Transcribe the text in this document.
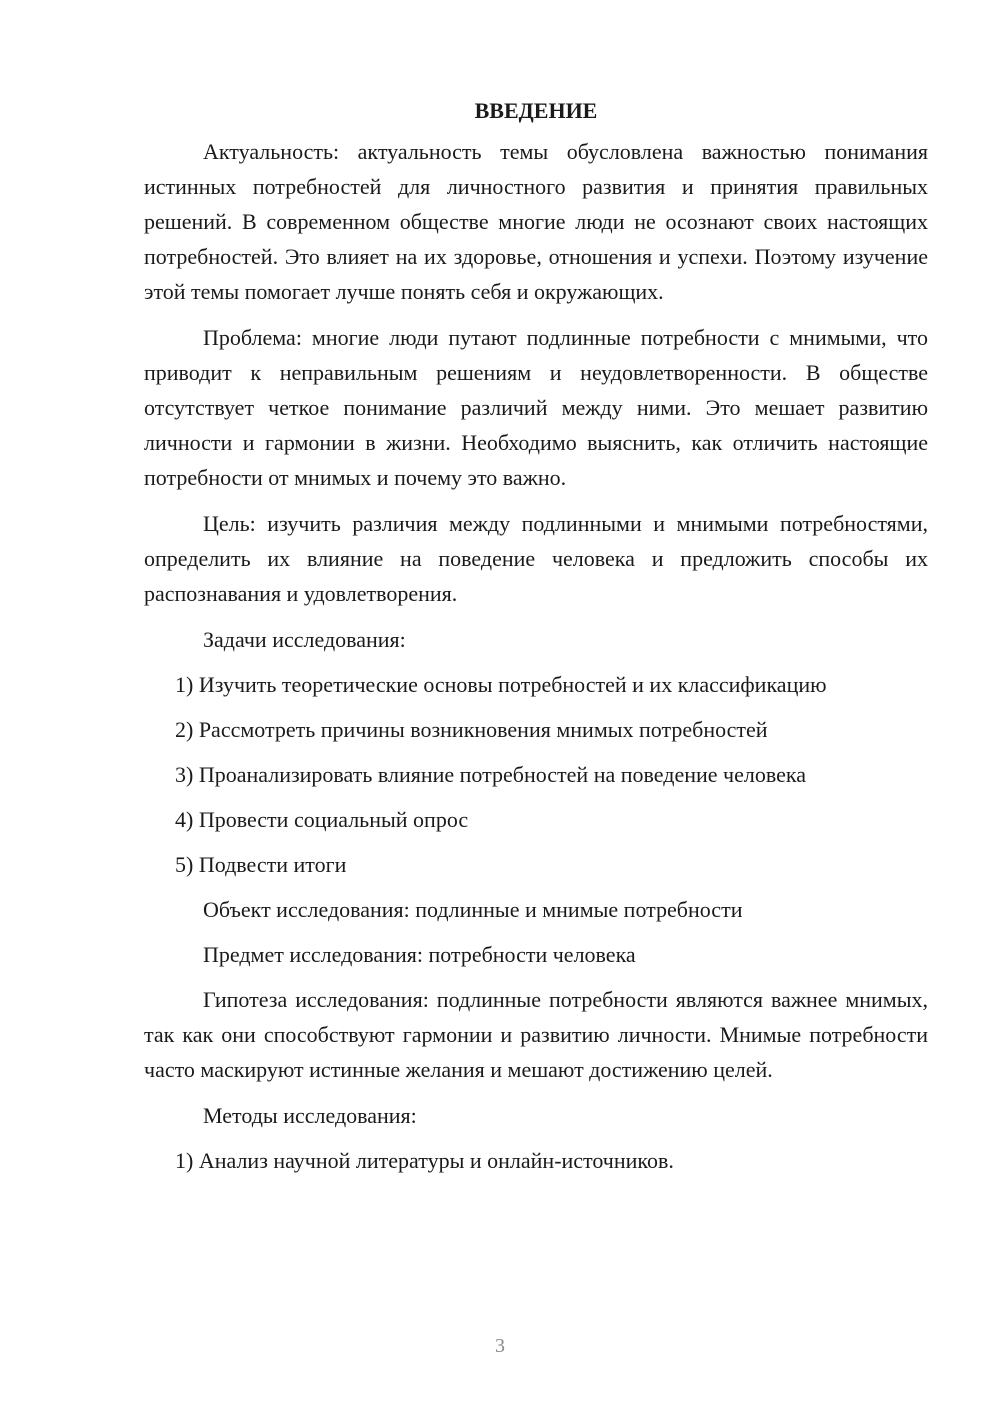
ВВЕДЕНИЕ

Актуальность: актуальность темы обусловлена важностью понимания истинных потребностей для личностного развития и принятия правильных решений. В современном обществе многие люди не осознают своих настоящих потребностей. Это влияет на их здоровье, отношения и успехи. Поэтому изучение этой темы помогает лучше понять себя и окружающих.

Проблема: многие люди путают подлинные потребности с мнимыми, что приводит к неправильным решениям и неудовлетворенности. В обществе отсутствует четкое понимание различий между ними. Это мешает развитию личности и гармонии в жизни. Необходимо выяснить, как отличить настоящие потребности от мнимых и почему это важно.

Цель: изучить различия между подлинными и мнимыми потребностями, определить их влияние на поведение человека и предложить способы их распознавания и удовлетворения.

Задачи исследования:
1) Изучить теоретические основы потребностей и их классификацию
2) Рассмотреть причины возникновения мнимых потребностей
3) Проанализировать влияние потребностей на поведение человека
4) Провести социальный опрос
5) Подвести итоги
Объект исследования: подлинные и мнимые потребности
Предмет исследования: потребности человека

Гипотеза исследования: подлинные потребности являются важнее мнимых, так как они способствуют гармонии и развитию личности. Мнимые потребности часто маскируют истинные желания и мешают достижению целей.

Методы исследования:
1) Анализ научной литературы и онлайн-источников.
3
